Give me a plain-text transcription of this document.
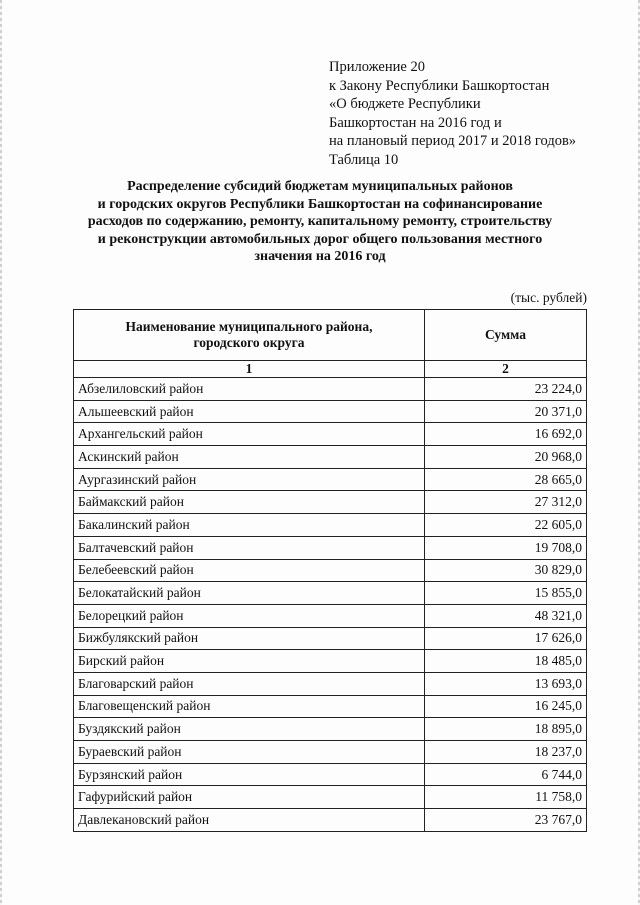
Приложение 20
к Закону Республики Башкортостан
«О бюджете Республики
Башкортостан на 2016 год и
на плановый период 2017 и 2018 годов»
Таблица 10
Распределение субсидий бюджетам муниципальных районов
и городских округов Республики Башкортостан на софинансирование
расходов по содержанию, ремонту, капитальному ремонту, строительству
и реконструкции автомобильных дорог общего пользования местного
значения на 2016 год
(тыс. рублей)
Наименование муниципального района,
городского округа	Сумма
1	2
Абзелиловский район	23 224,0
Альшеевский район	20 371,0
Архангельский район	16 692,0
Аскинский район	20 968,0
Аургазинский район	28 665,0
Баймакский район	27 312,0
Бакалинский район	22 605,0
Балтачевский район	19 708,0
Белебеевский район	30 829,0
Белокатайский район	15 855,0
Белорецкий район	48 321,0
Бижбулякский район	17 626,0
Бирский район	18 485,0
Благоварский район	13 693,0
Благовещенский район	16 245,0
Буздякский район	18 895,0
Бураевский район	18 237,0
Бурзянский район	6 744,0
Гафурийский район	11 758,0
Давлекановский район	23 767,0
